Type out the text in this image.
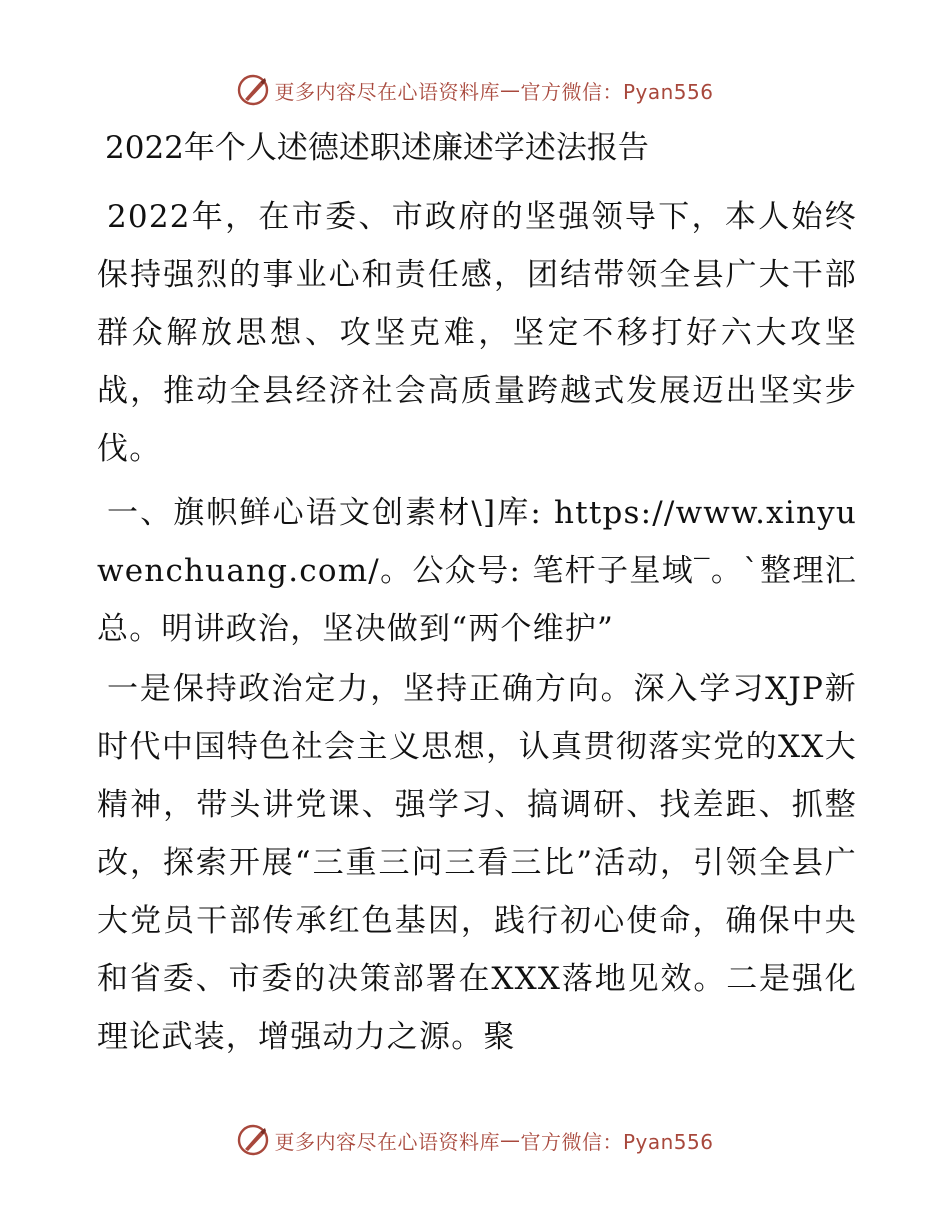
更多内容尽在心语资料库 — 官方微信：Pyan556
2022年个人述德述职述廉述学述法报告

2022年，在市委、市政府的坚强领导下，本人始终保持强烈的事业心和责任感，团结带领全县广大干部群众解放思想、攻坚克难，坚定不移打好六大攻坚战，推动全县经济社会高质量跨越式发展迈出坚实步伐。

一、旗帜鲜心语文创素材\]库: https://www.xinyuwenchuang.com/。公众号: 笔杆子星域‾。`整理汇总。明讲政治，坚决做到“两个维护”

一是保持政治定力，坚持正确方向。深入学习XJP新时代中国特色社会主义思想，认真贯彻落实党的XX大精神，带头讲党课、强学习、搞调研、找差距、抓整改，探索开展“三重三问三看三比”活动，引领全县广大党员干部传承红色基因，践行初心使命，确保中央和省委、市委的决策部署在XXX落地见效。二是强化理论武装，增强动力之源。聚

更多内容尽在心语资料库 — 官方微信：Pyan556
